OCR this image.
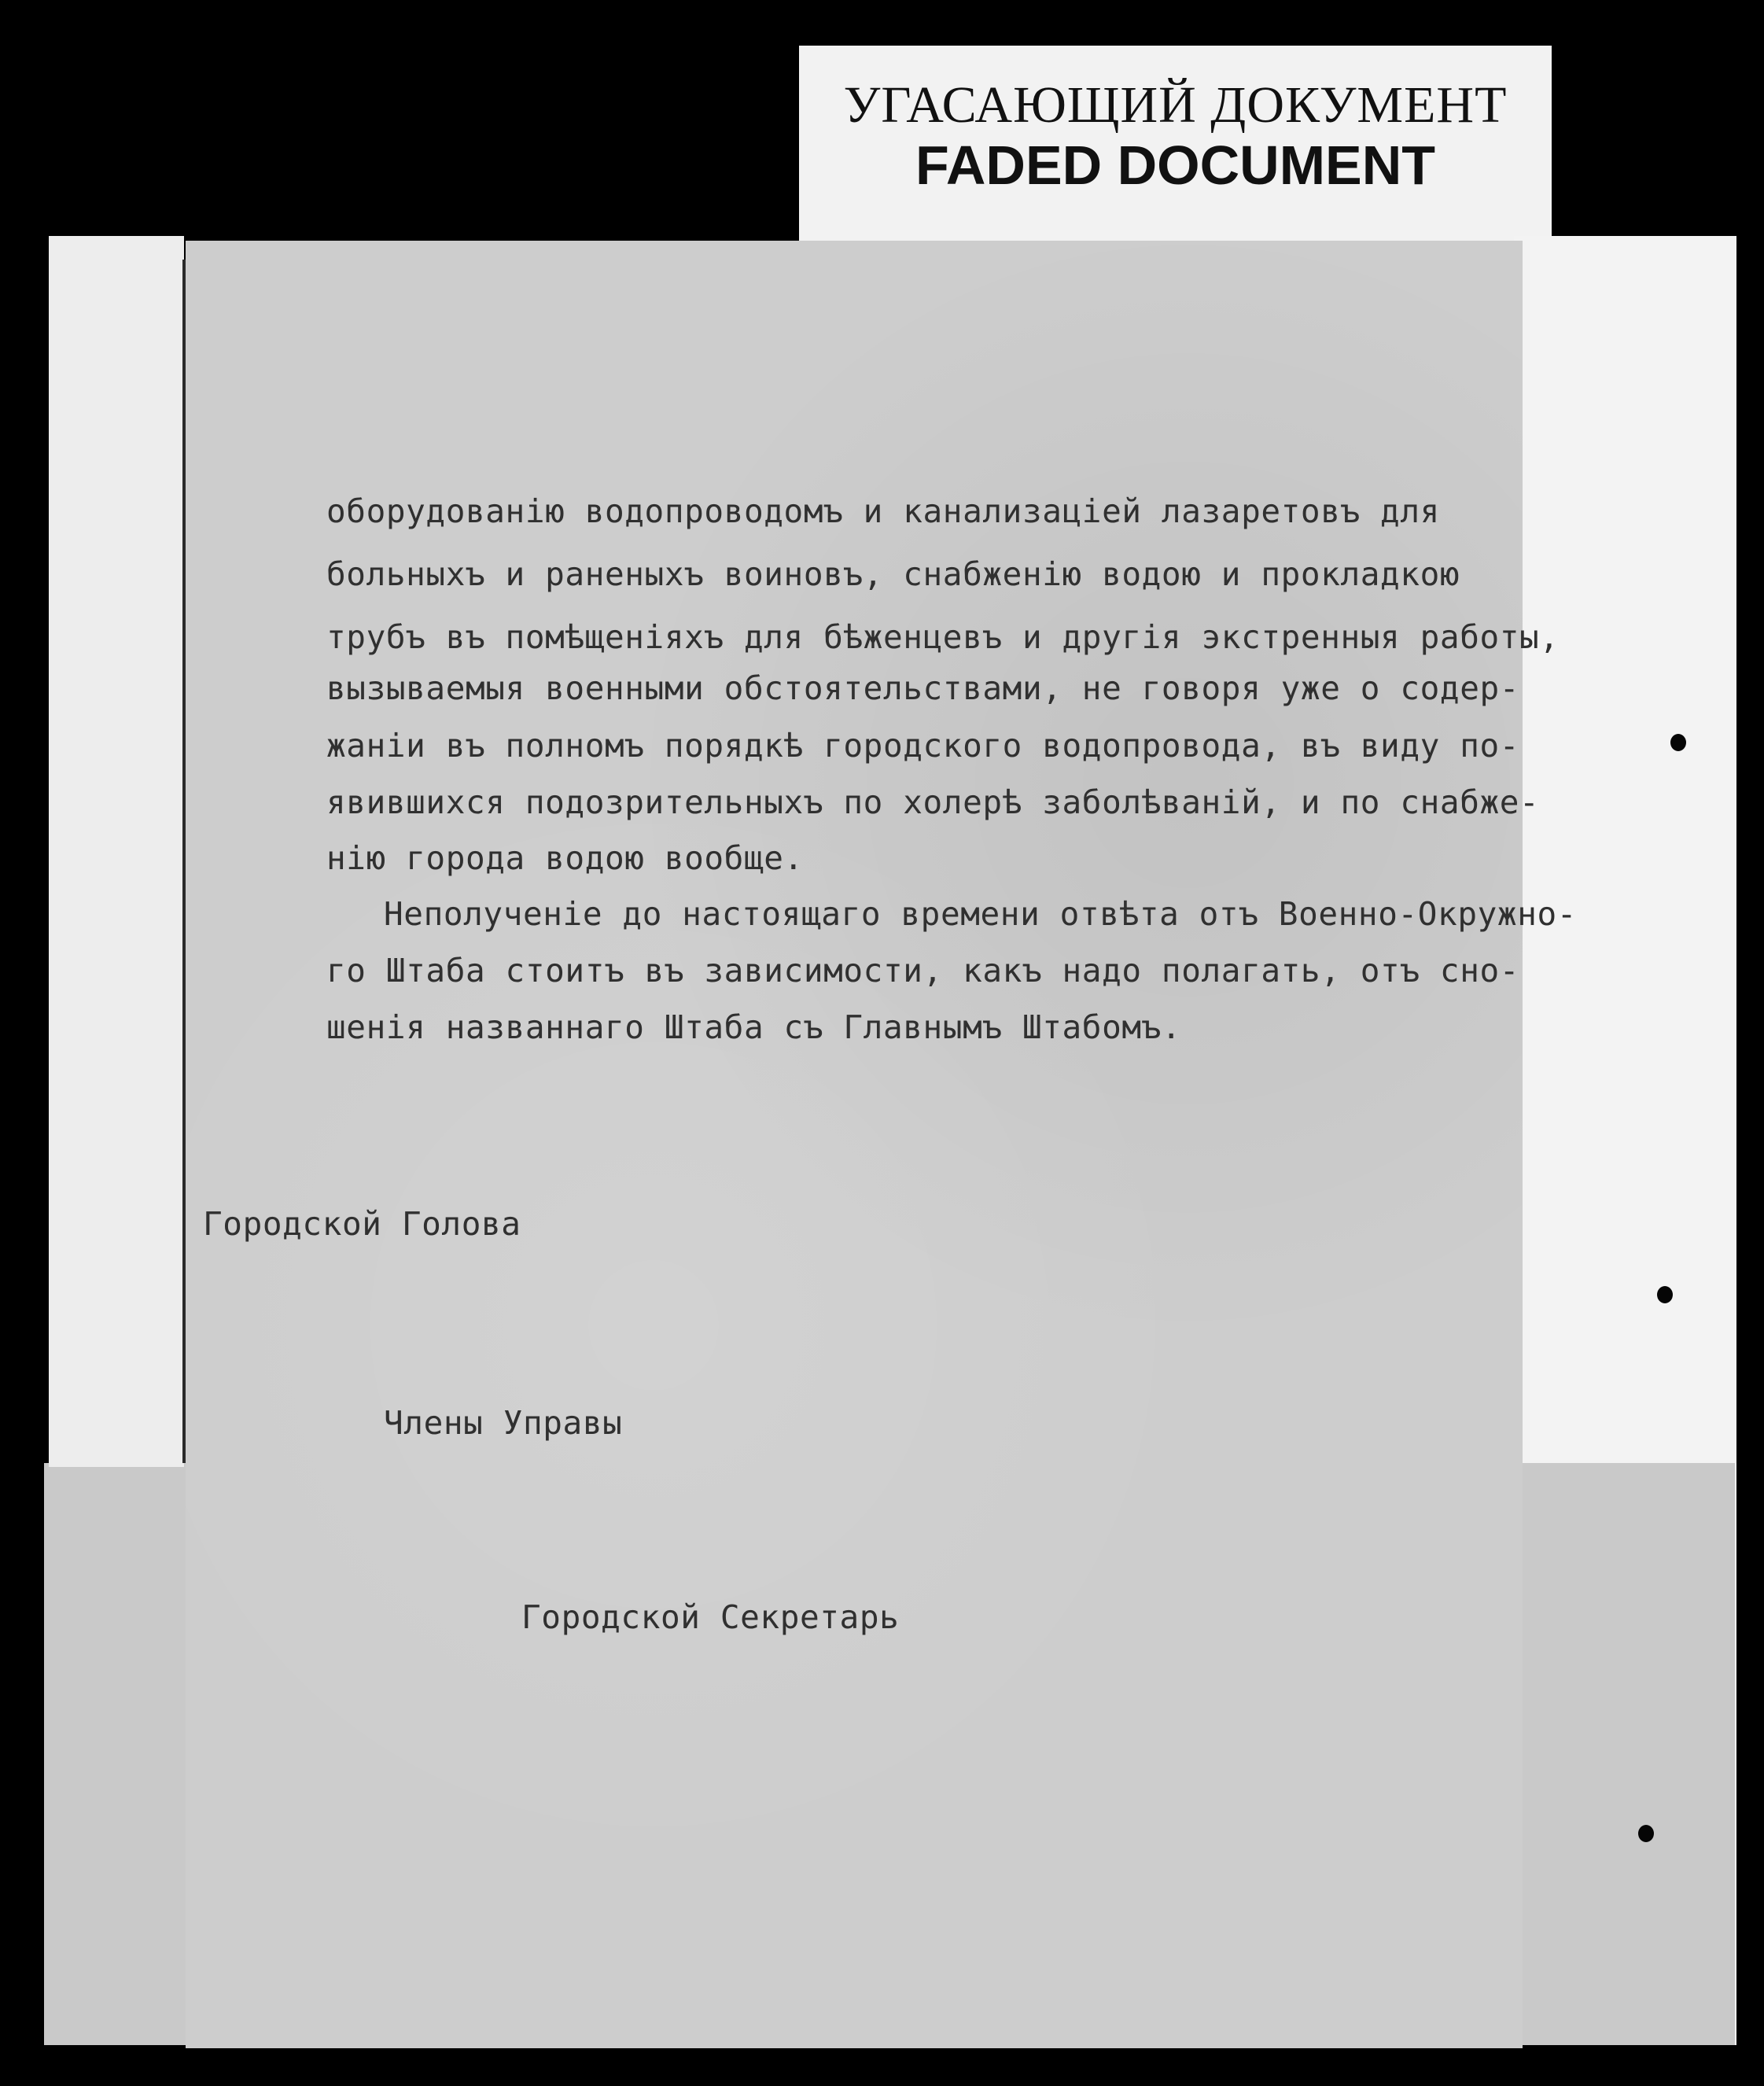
УГАСАЮЩИЙ ДОКУМЕНТ
FADED DOCUMENT
оборудованію водопроводомъ и канализаціей лазаретовъ для
больныхъ и раненыхъ воиновъ, снабженію водою и прокладкою
трубъ въ помѣщеніяхъ для бѣженцевъ и другія экстренныя работы,
вызываемыя военными обстоятельствами, не говоря уже о содер-
жаніи въ полномъ порядкѣ городского водопровода, въ виду по-
явившихся подозрительныхъ по холерѣ заболѣваній, и по снабже-
нію города водою вообще.
Неполученіе до настоящаго времени отвѣта отъ Военно-Окружно-
го Штаба стоитъ въ зависимости, какъ надо полагать, отъ сно-
шенія названнаго Штаба съ Главнымъ Штабомъ.
Городской Голова
Члены Управы
Городской Секретарь
